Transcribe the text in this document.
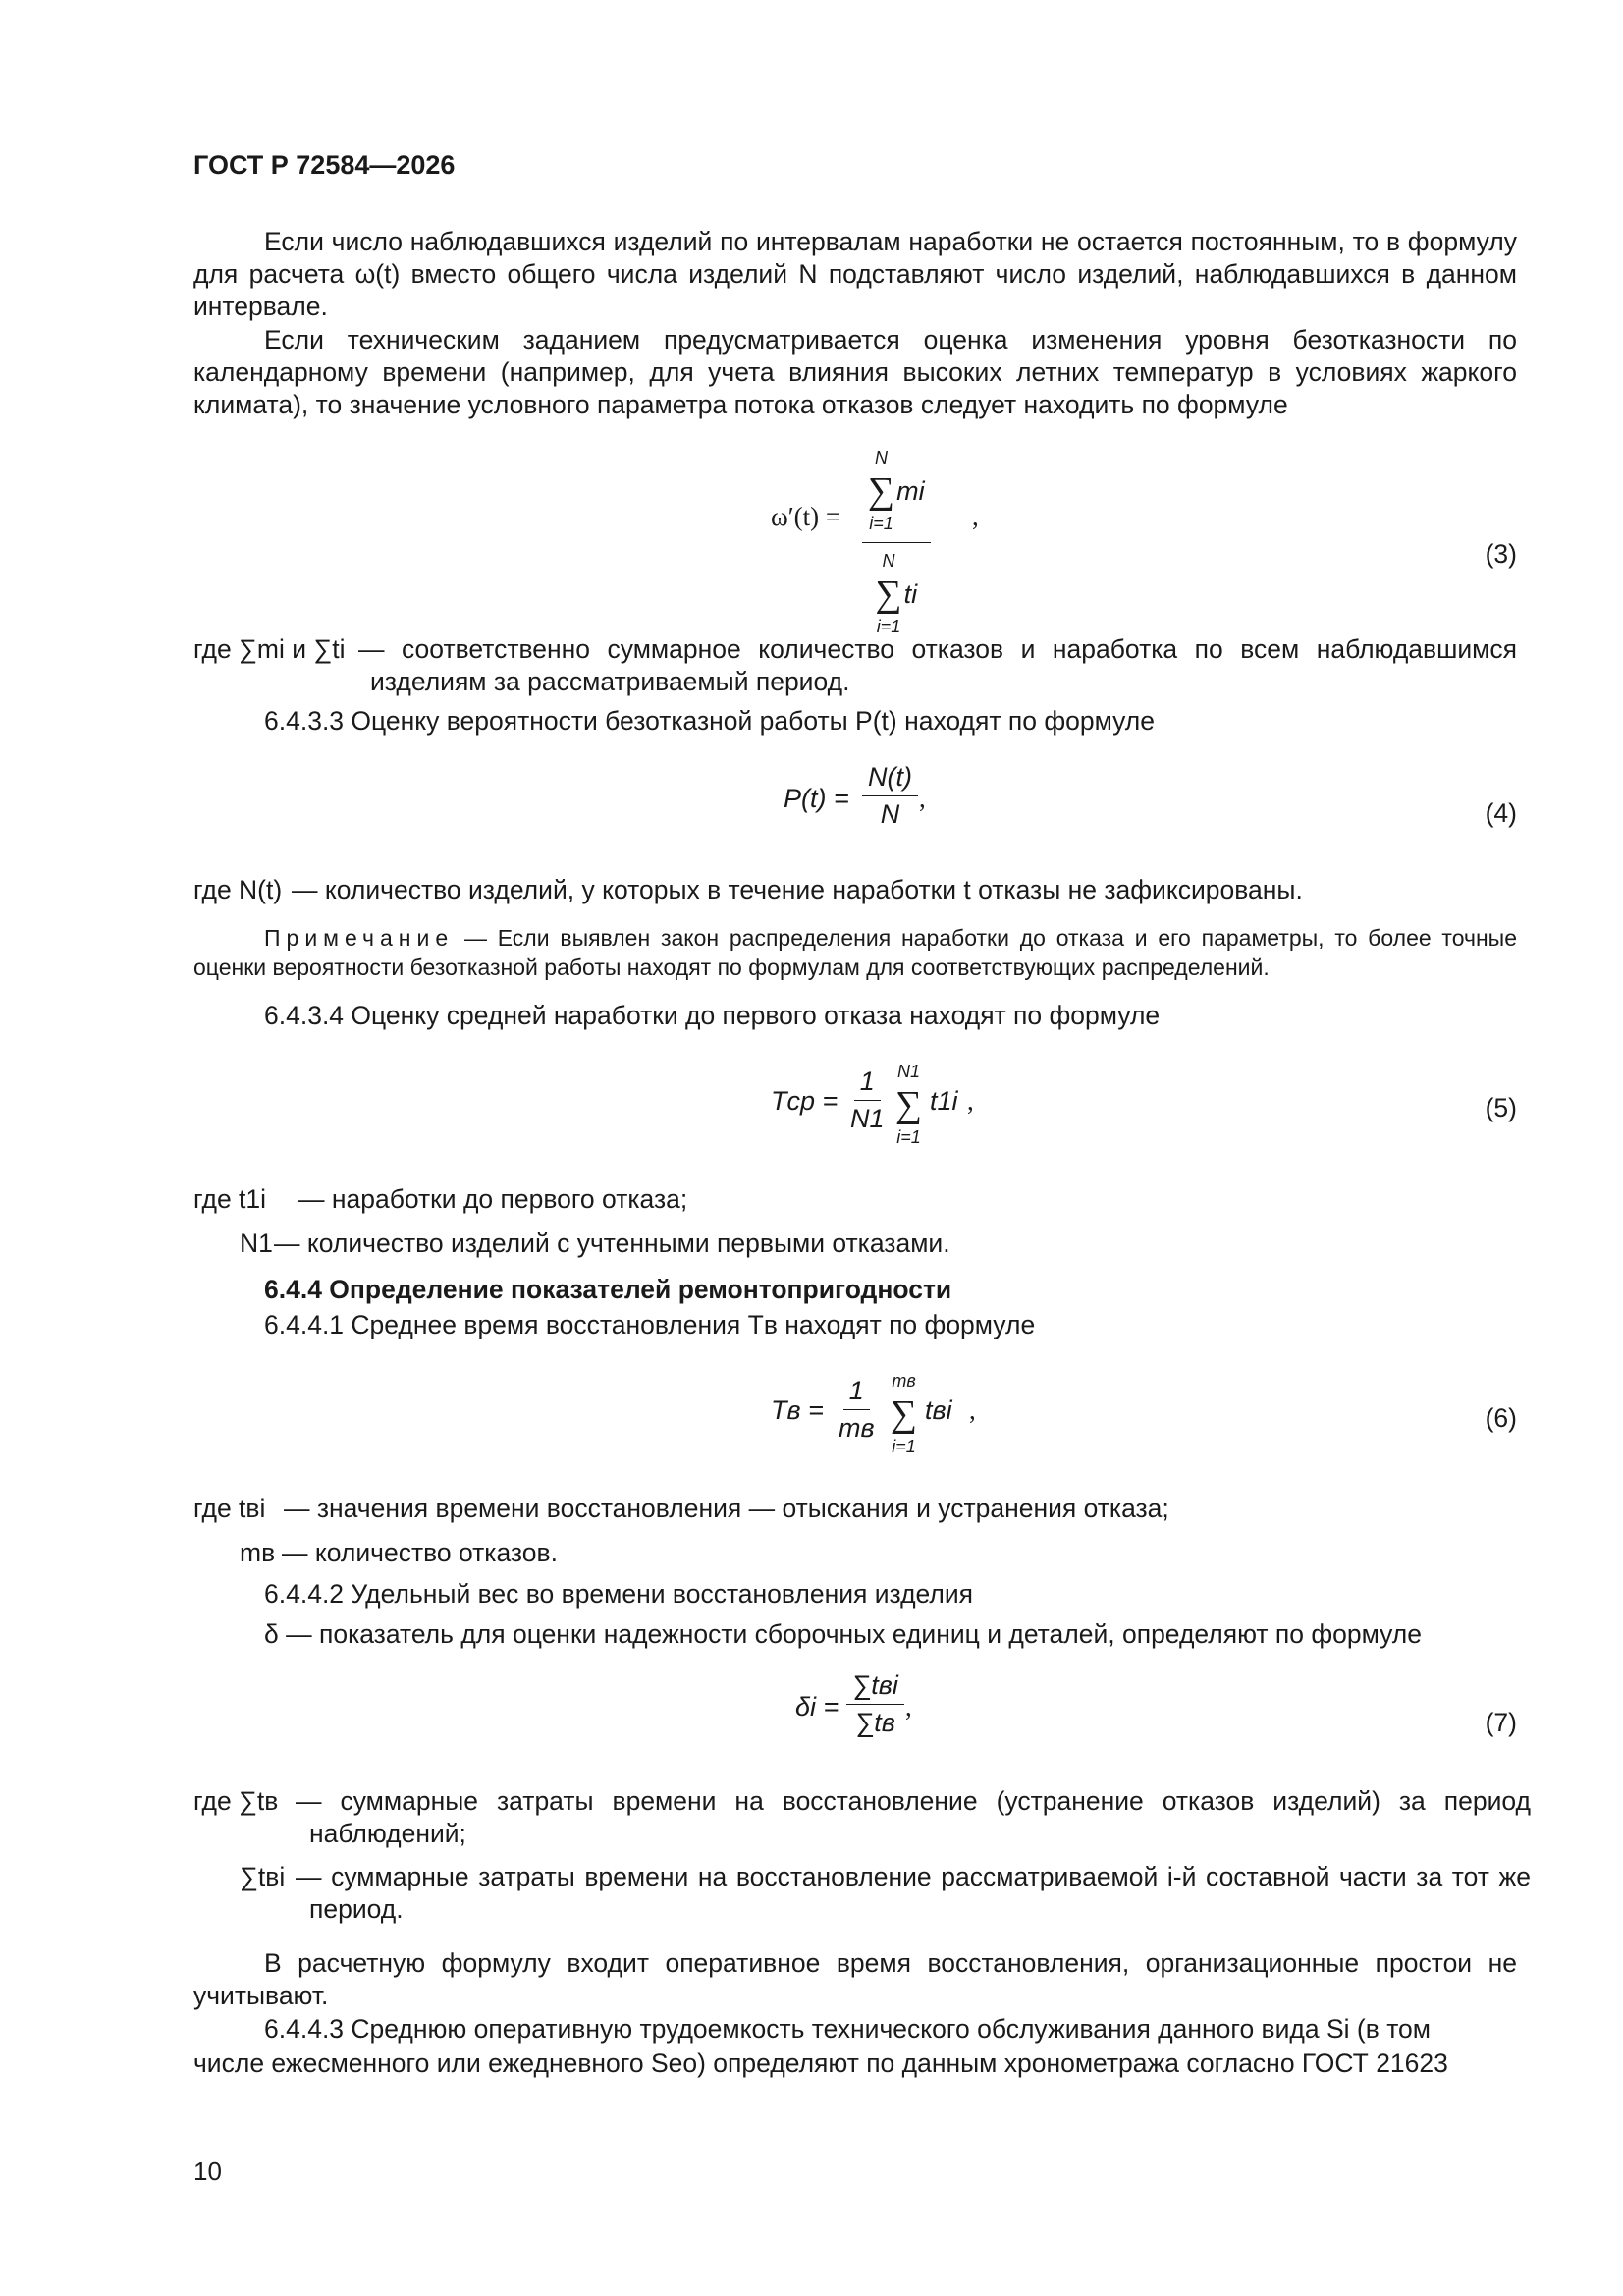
ГОСТ Р 72584—2026
Если число наблюдавшихся изделий по интервалам наработки не остается постоянным, то в формулу для расчета ω(t) вместо общего числа изделий N подставляют число изделий, наблюдавшихся в данном интервале.
Если техническим заданием предусматривается оценка изменения уровня безотказности по календарному времени (например, для учета влияния высоких летних температур в условиях жаркого климата), то значение условного параметра потока отказов следует находить по формуле
ω′(t) = N
∑
i=1
mi
N
∑
i=1
ti ,
(3)
где ∑mi и ∑ti — соответственно суммарное количество отказов и наработка по всем наблюдавшимся изделиям за рассматриваемый период.
6.4.3.3 Оценку вероятности безотказной работы P(t) находят по формуле
$P(t) = \frac{N(t)}{N}$ ,	(4)
где N(t) — количество изделий, у которых в течение наработки t отказы не зафиксированы.
Примечание — Если выявлен закон распределения наработки до отказа и его параметры, то более точные оценки вероятности безотказной работы находят по формулам для соответствующих распределений.
6.4.3.4 Оценку средней наработки до первого отказа находят по формуле
Tср = $\frac{1}{N1} N1$
∑
i=1
t1i ,	(5)
где t1i — наработки до первого отказа;
N1 — количество изделий с учтенными первыми отказами.
6.4.4 Определение показателей ремонтопригодности
6.4.4.1 Среднее время восстановления Tв находят по формуле
Tв =
1
mв
mв
∑
i=1
tвi ,	(6)
где tвi — значения времени восстановления — отыскания и устранения отказа;
mв — количество отказов.
6.4.4.2 Удельный вес во времени восстановления изделия
δ — показатель для оценки надежности сборочных единиц и деталей, определяют по формуле
δi =
∑tвi
∑tв
,
(7)
где ∑tв — суммарные затраты времени на восстановление (устранение отказов изделий) за период наблюдений;
∑tвi — суммарные затраты времени на восстановление рассматриваемой i-й составной части за тот же период.
В расчетную формулу входит оперативное время восстановления, организационные простои не учитывают.
6.4.4.3 Среднюю оперативную трудоемкость технического обслуживания данного вида Si (в том
числе ежесменного или ежедневного Sео) определяют по данным хронометража согласно ГОСТ 21623
10
